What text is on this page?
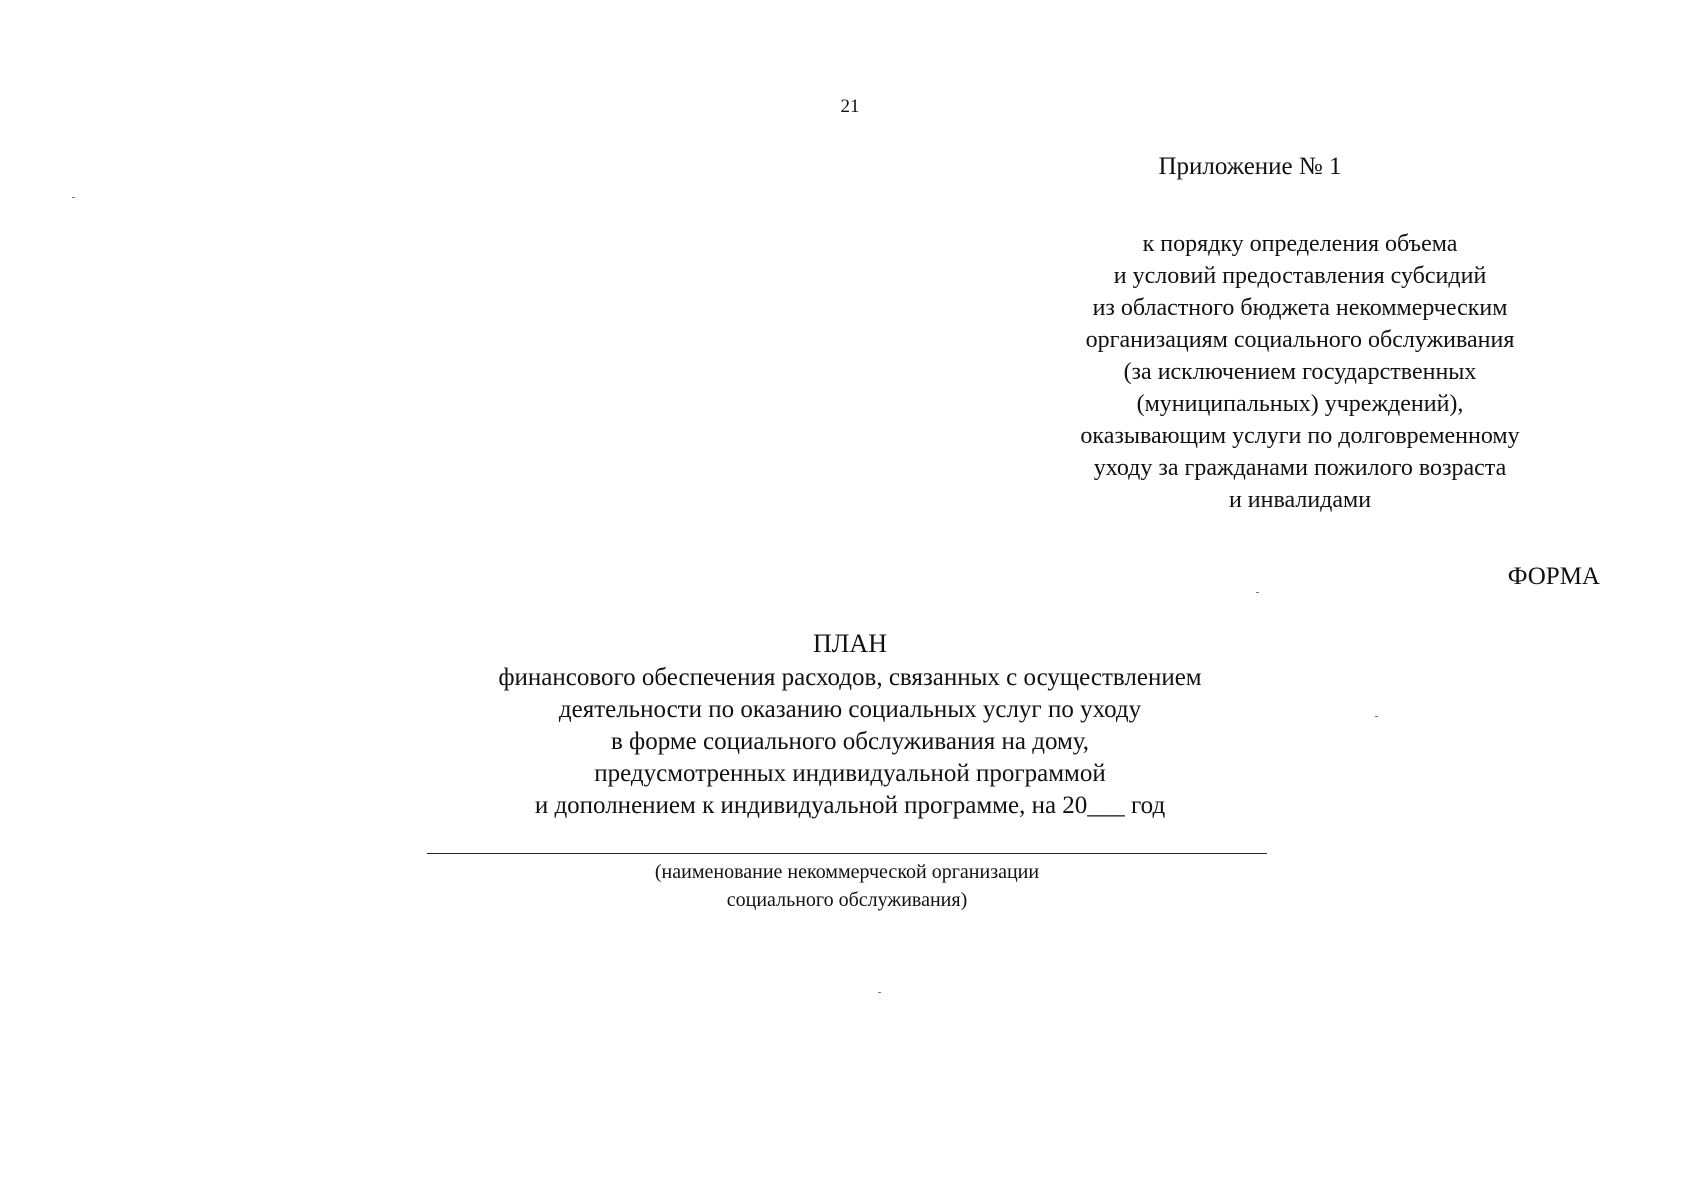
21
Приложение № 1
к порядку определения объема
и условий предоставления субсидий
из областного бюджета некоммерческим
организациям социального обслуживания
(за исключением государственных
(муниципальных) учреждений),
оказывающим услуги по долговременному
уходу за гражданами пожилого возраста
и инвалидами
ФОРМА
ПЛАН
финансового обеспечения расходов, связанных с осуществлением
деятельности по оказанию социальных услуг по уходу
в форме социального обслуживания на дому,
предусмотренных индивидуальной программой
и дополнением к индивидуальной программе, на 20___ год
(наименование некоммерческой организации
социального обслуживания)
